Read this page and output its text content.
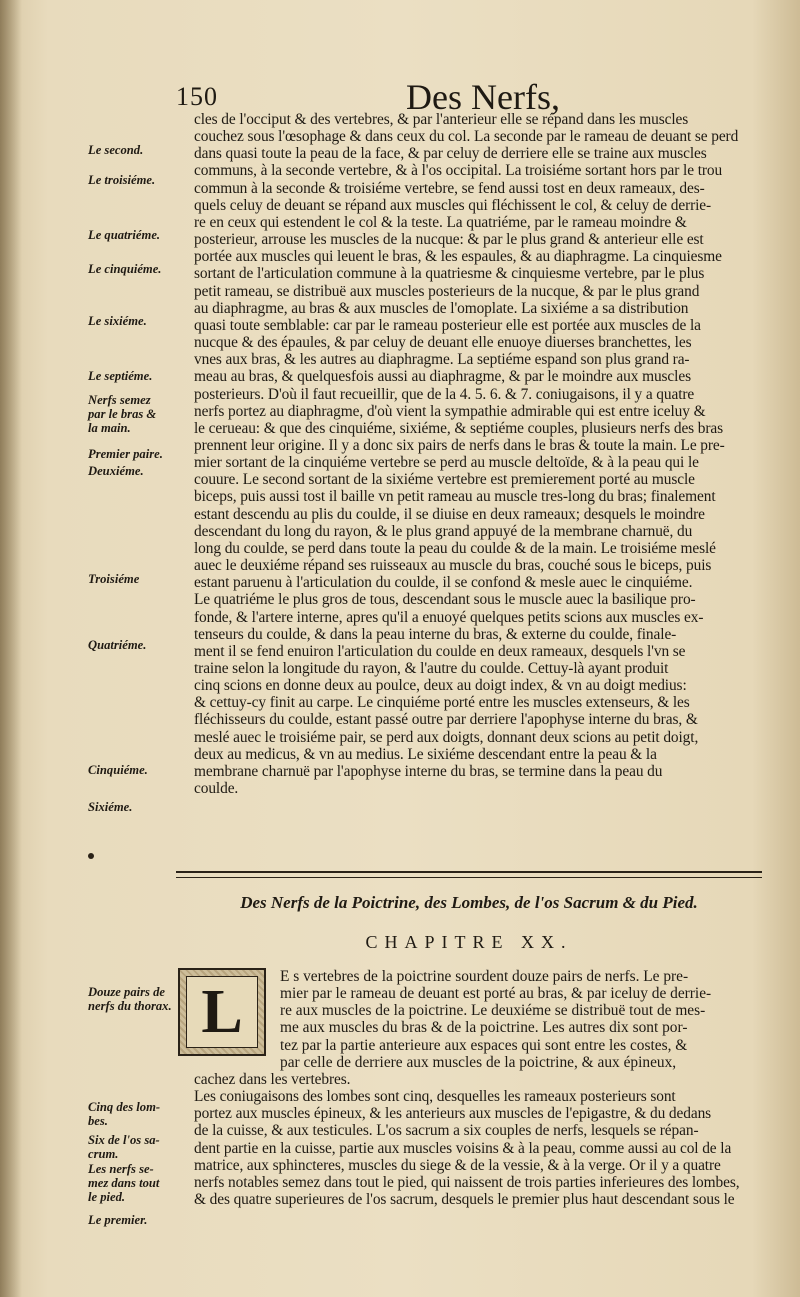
150	Des Nerfs,
Le second.
Le troisiéme.
Le quatriéme.
Le cinquiéme.
Le sixiéme.
Le septiéme.
Nerfs semez
par le bras &
la main.
Premier paire.
Deuxiéme.
Troisiéme
Quatriéme.
Cinquiéme.
Sixiéme.
Douze pairs de
nerfs du thorax.
Cinq des lom-
bes.
Six de l'os sa-
crum.
Les nerfs se-
mez dans tout
le pied.
Le premier.
cles de l'occiput & des vertebres, & par l'anterieur elle se répand dans les muscles
couchez sous l'œsophage & dans ceux du col. La seconde par le rameau de deuant se perd
dans quasi toute la peau de la face, & par celuy de derriere elle se traine aux muscles
communs, à la seconde vertebre, & à l'os occipital. La troisiéme sortant hors par le trou
commun à la seconde & troisiéme vertebre, se fend aussi tost en deux rameaux, des-
quels celuy de deuant se répand aux muscles qui fléchissent le col, & celuy de derrie-
re en ceux qui estendent le col & la teste. La quatriéme, par le rameau moindre &
posterieur, arrouse les muscles de la nucque: & par le plus grand & anterieur elle est
portée aux muscles qui leuent le bras, & les espaules, & au diaphragme. La cinquiesme
sortant de l'articulation commune à la quatriesme & cinquiesme vertebre, par le plus
petit rameau, se distribuë aux muscles posterieurs de la nucque, & par le plus grand
au diaphragme, au bras & aux muscles de l'omoplate. La sixiéme a sa distribution
quasi toute semblable: car par le rameau posterieur elle est portée aux muscles de la
nucque & des épaules, & par celuy de deuant elle enuoye diuerses branchettes, les
vnes aux bras, & les autres au diaphragme. La septiéme espand son plus grand ra-
meau au bras, & quelquesfois aussi au diaphragme, & par le moindre aux muscles
posterieurs. D'où il faut recueillir, que de la 4. 5. 6. & 7. coniugaisons, il y a quatre
nerfs portez au diaphragme, d'où vient la sympathie admirable qui est entre iceluy &
le cerueau: & que des cinquiéme, sixiéme, & septiéme couples, plusieurs nerfs des bras
prennent leur origine. Il y a donc six pairs de nerfs dans le bras & toute la main. Le pre-
mier sortant de la cinquiéme vertebre se perd au muscle deltoïde, & à la peau qui le
couure. Le second sortant de la sixiéme vertebre est premierement porté au muscle
biceps, puis aussi tost il baille vn petit rameau au muscle tres-long du bras; finalement
estant descendu au plis du coulde, il se diuise en deux rameaux; desquels le moindre
descendant du long du rayon, & le plus grand appuyé de la membrane charnuë, du
long du coulde, se perd dans toute la peau du coulde & de la main. Le troisiéme meslé
auec le deuxiéme répand ses ruisseaux au muscle du bras, couché sous le biceps, puis
estant paruenu à l'articulation du coulde, il se confond & mesle auec le cinquiéme.
Le quatriéme le plus gros de tous, descendant sous le muscle auec la basilique pro-
fonde, & l'artere interne, apres qu'il a enuoyé quelques petits scions aux muscles ex-
tenseurs du coulde, & dans la peau interne du bras, & externe du coulde, finale-
ment il se fend enuiron l'articulation du coulde en deux rameaux, desquels l'vn se
traine selon la longitude du rayon, & l'autre du coulde. Cettuy-là ayant produit
cinq scions en donne deux au poulce, deux au doigt index, & vn au doigt medius:
& cettuy-cy finit au carpe. Le cinquiéme porté entre les muscles extenseurs, & les
fléchisseurs du coulde, estant passé outre par derriere l'apophyse interne du bras, &
meslé auec le troisiéme pair, se perd aux doigts, donnant deux scions au petit doigt,
deux au medicus, & vn au medius. Le sixiéme descendant entre la peau & la
membrane charnuë par l'apophyse interne du bras, se termine dans la peau du
coulde.
Des Nerfs de la Poictrine, des Lombes, de l'os Sacrum & du Pied.
CHAPITRE XX.
L
E s vertebres de la poictrine sourdent douze pairs de nerfs. Le pre-
mier par le rameau de deuant est porté au bras, & par iceluy de derrie-
re aux muscles de la poictrine. Le deuxiéme se distribuë tout de mes-
me aux muscles du bras & de la poictrine. Les autres dix sont por-
tez par la partie anterieure aux espaces qui sont entre les costes, &
par celle de derriere aux muscles de la poictrine, & aux épineux,
cachez dans les vertebres.
Les coniugaisons des lombes sont cinq, desquelles les rameaux posterieurs sont
portez aux muscles épineux, & les anterieurs aux muscles de l'epigastre, & du dedans
de la cuisse, & aux testicules. L'os sacrum a six couples de nerfs, lesquels se répan-
dent partie en la cuisse, partie aux muscles voisins & à la peau, comme aussi au col de la
matrice, aux sphincteres, muscles du siege & de la vessie, & à la verge. Or il y a quatre
nerfs notables semez dans tout le pied, qui naissent de trois parties inferieures des lombes,
& des quatre superieures de l'os sacrum, desquels le premier plus haut descendant sous le
